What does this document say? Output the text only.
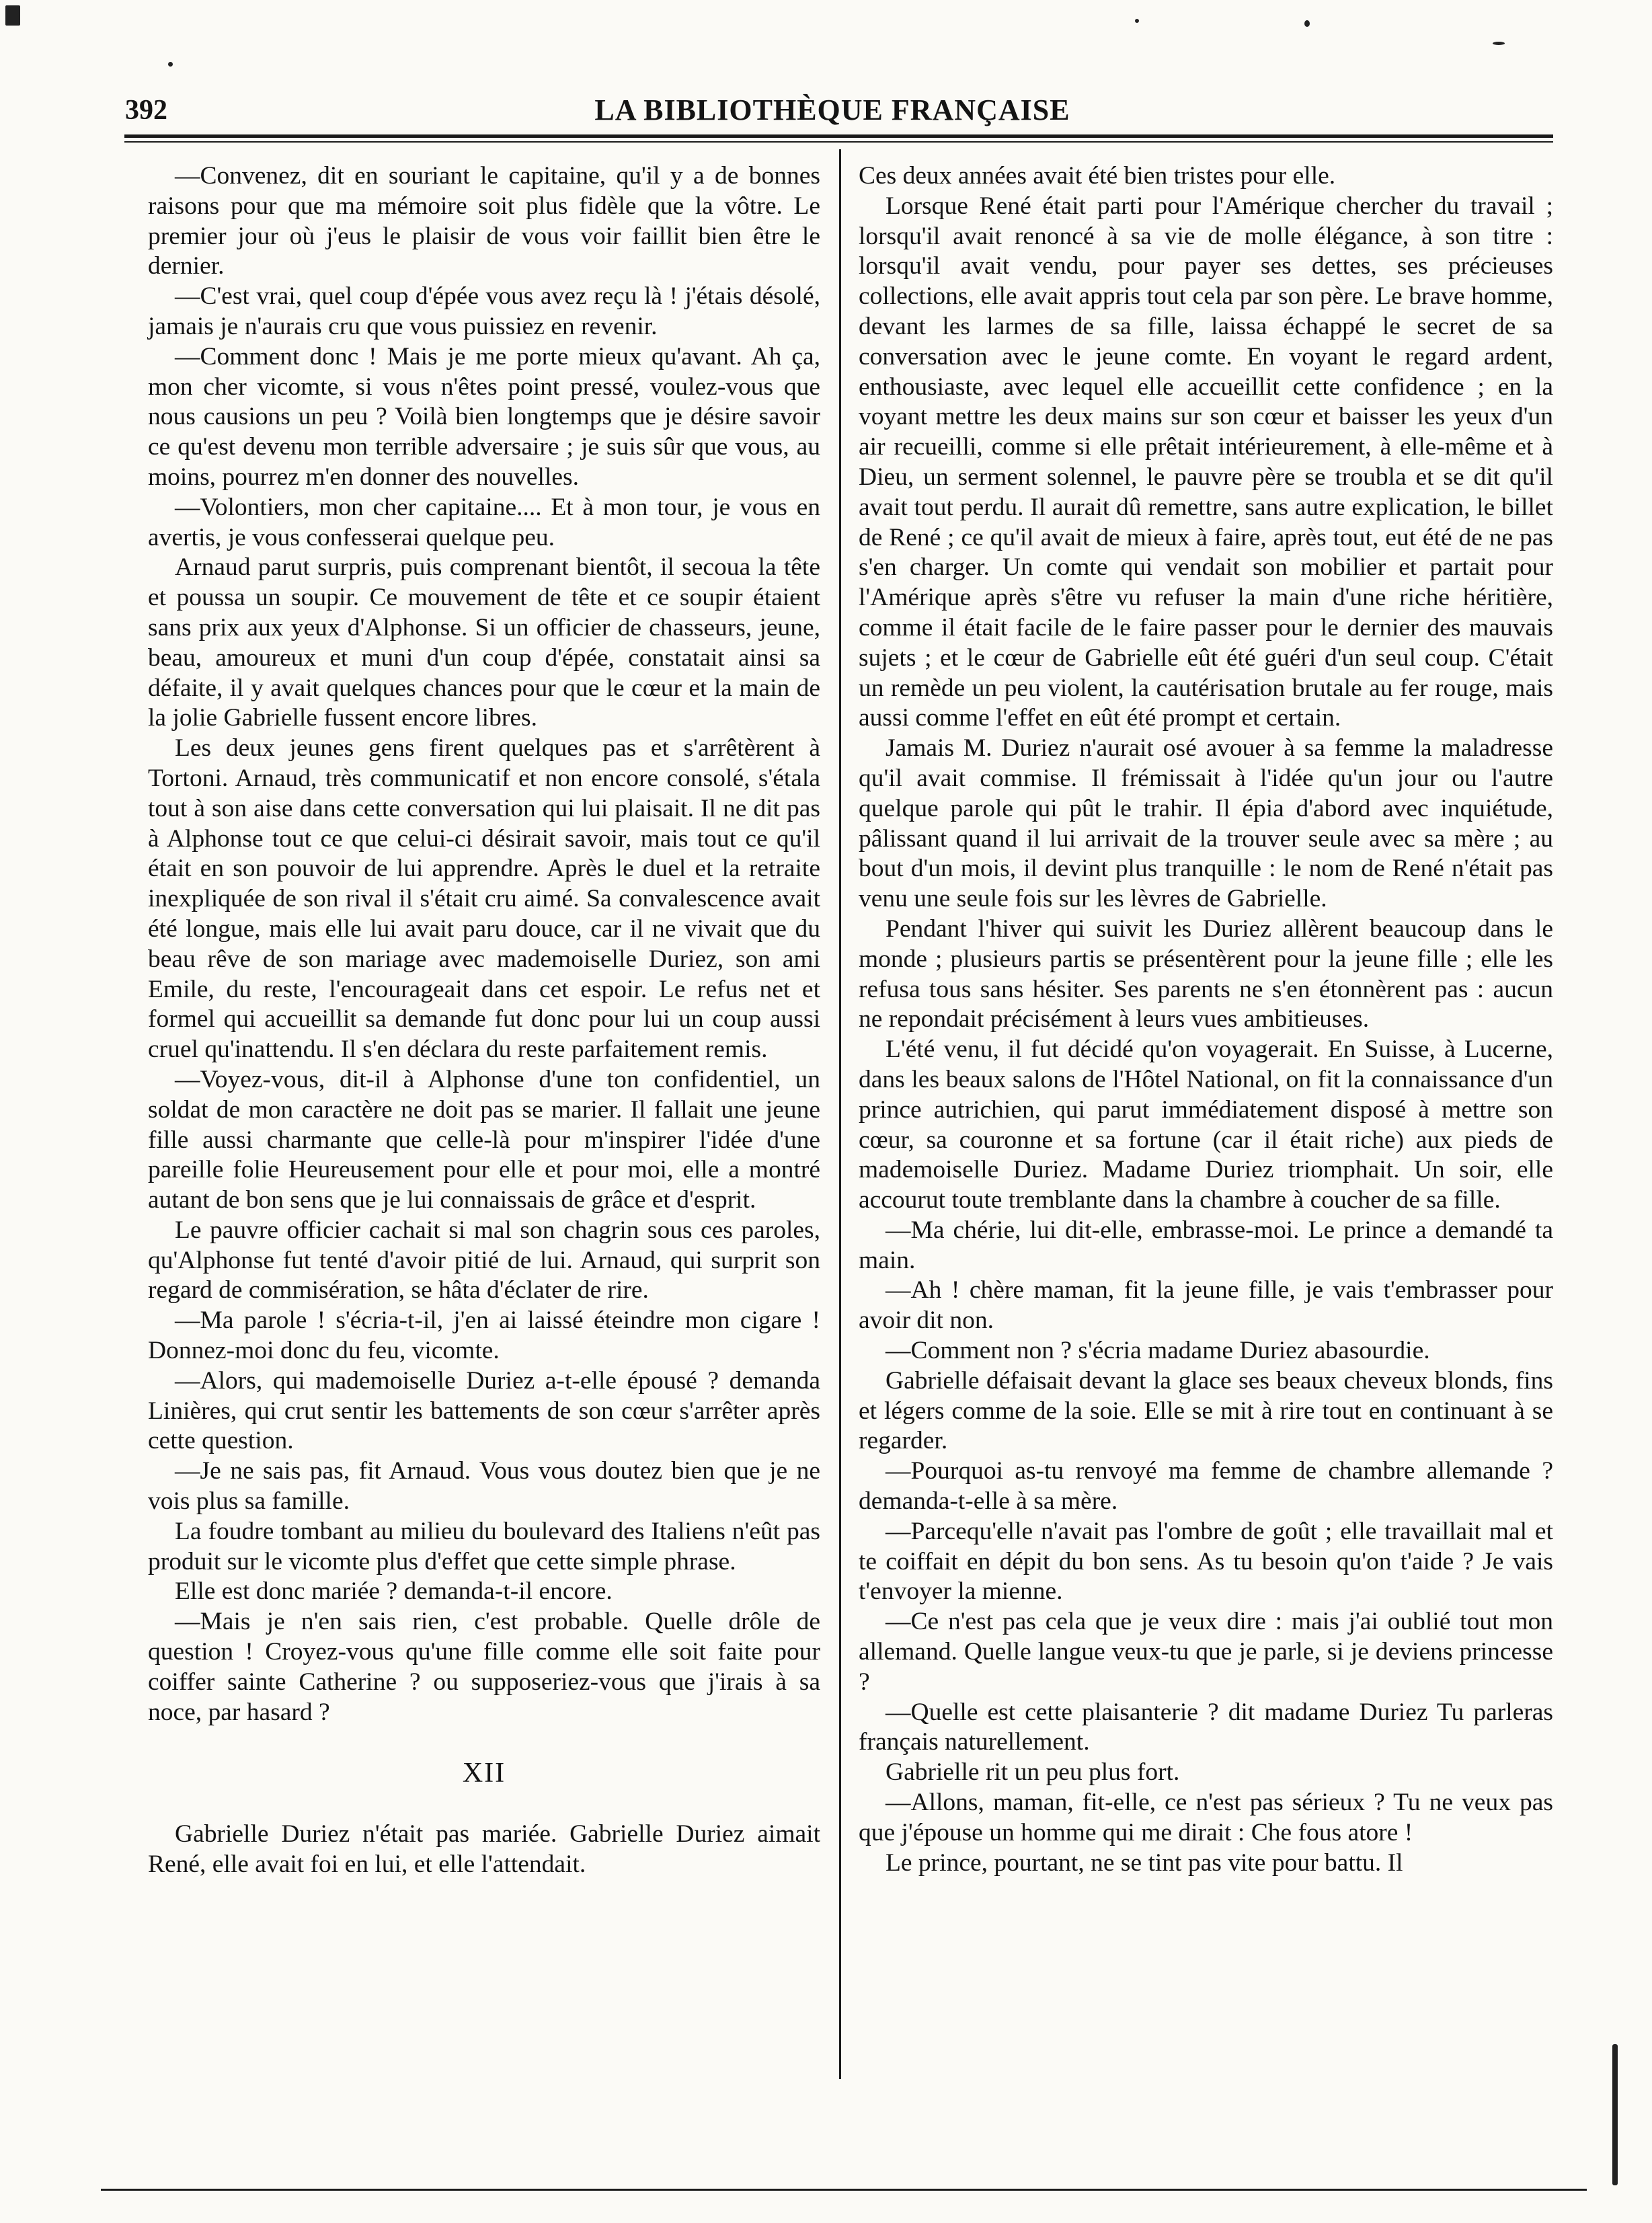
392	LA BIBLIOTHÈQUE FRANÇAISE

—Convenez, dit en souriant le capitaine, qu'il y a de bonnes raisons pour que ma mémoire soit plus fidèle que la vôtre. Le premier jour où j'eus le plaisir de vous voir faillit bien être le dernier.

—C'est vrai, quel coup d'épée vous avez reçu là ! j'étais désolé, jamais je n'aurais cru que vous puissiez en revenir.

—Comment donc ! Mais je me porte mieux qu'avant. Ah ça, mon cher vicomte, si vous n'êtes point pressé, voulez-vous que nous causions un peu ? Voilà bien longtemps que je désire savoir ce qu'est devenu mon terrible adversaire ; je suis sûr que vous, au moins, pourrez m'en donner des nouvelles.

—Volontiers, mon cher capitaine.... Et à mon tour, je vous en avertis, je vous confesserai quelque peu.

Arnaud parut surpris, puis comprenant bientôt, il secoua la tête et poussa un soupir. Ce mouvement de tête et ce soupir étaient sans prix aux yeux d'Alphonse. Si un officier de chasseurs, jeune, beau, amoureux et muni d'un coup d'épée, constatait ainsi sa défaite, il y avait quelques chances pour que le cœur et la main de la jolie Gabrielle fussent encore libres.

Les deux jeunes gens firent quelques pas et s'arrêtèrent à Tortoni. Arnaud, très communicatif et non encore consolé, s'étala tout à son aise dans cette conversation qui lui plaisait. Il ne dit pas à Alphonse tout ce que celui-ci désirait savoir, mais tout ce qu'il était en son pouvoir de lui apprendre. Après le duel et la retraite inexpliquée de son rival il s'était cru aimé. Sa convalescence avait été longue, mais elle lui avait paru douce, car il ne vivait que du beau rêve de son mariage avec mademoiselle Duriez, son ami Emile, du reste, l'encourageait dans cet espoir. Le refus net et formel qui accueillit sa demande fut donc pour lui un coup aussi cruel qu'inattendu. Il s'en déclara du reste parfaitement remis.

—Voyez-vous, dit-il à Alphonse d'une ton confidentiel, un soldat de mon caractère ne doit pas se marier. Il fallait une jeune fille aussi charmante que celle-là pour m'inspirer l'idée d'une pareille folie Heureusement pour elle et pour moi, elle a montré autant de bon sens que je lui connaissais de grâce et d'esprit.

Le pauvre officier cachait si mal son chagrin sous ces paroles, qu'Alphonse fut tenté d'avoir pitié de lui. Arnaud, qui surprit son regard de commisération, se hâta d'éclater de rire.

—Ma parole ! s'écria-t-il, j'en ai laissé éteindre mon cigare ! Donnez-moi donc du feu, vicomte.

—Alors, qui mademoiselle Duriez a-t-elle épousé ? demanda Linières, qui crut sentir les battements de son cœur s'arrêter après cette question.

—Je ne sais pas, fit Arnaud. Vous vous doutez bien que je ne vois plus sa famille.

La foudre tombant au milieu du boulevard des Italiens n'eût pas produit sur le vicomte plus d'effet que cette simple phrase.

Elle est donc mariée ? demanda-t-il encore.

—Mais je n'en sais rien, c'est probable. Quelle drôle de question ! Croyez-vous qu'une fille comme elle soit faite pour coiffer sainte Catherine ? ou supposeriez-vous que j'irais à sa noce, par hasard ?

XII

Gabrielle Duriez n'était pas mariée. Gabrielle Duriez aimait René, elle avait foi en lui, et elle l'attendait.

Ces deux années avait été bien tristes pour elle.

Lorsque René était parti pour l'Amérique chercher du travail ; lorsqu'il avait renoncé à sa vie de molle élégance, à son titre : lorsqu'il avait vendu, pour payer ses dettes, ses précieuses collections, elle avait appris tout cela par son père. Le brave homme, devant les larmes de sa fille, laissa échappé le secret de sa conversation avec le jeune comte. En voyant le regard ardent, enthousiaste, avec lequel elle accueillit cette confidence ; en la voyant mettre les deux mains sur son cœur et baisser les yeux d'un air recueilli, comme si elle prêtait intérieurement, à elle-même et à Dieu, un serment solennel, le pauvre père se troubla et se dit qu'il avait tout perdu. Il aurait dû remettre, sans autre explication, le billet de René ; ce qu'il avait de mieux à faire, après tout, eut été de ne pas s'en charger. Un comte qui vendait son mobilier et partait pour l'Amérique après s'être vu refuser la main d'une riche héritière, comme il était facile de le faire passer pour le dernier des mauvais sujets ; et le cœur de Gabrielle eût été guéri d'un seul coup. C'était un remède un peu violent, la cautérisation brutale au fer rouge, mais aussi comme l'effet en eût été prompt et certain.

Jamais M. Duriez n'aurait osé avouer à sa femme la maladresse qu'il avait commise. Il frémissait à l'idée qu'un jour ou l'autre quelque parole qui pût le trahir. Il épia d'abord avec inquiétude, pâlissant quand il lui arrivait de la trouver seule avec sa mère ; au bout d'un mois, il devint plus tranquille : le nom de René n'était pas venu une seule fois sur les lèvres de Gabrielle.

Pendant l'hiver qui suivit les Duriez allèrent beaucoup dans le monde ; plusieurs partis se présentèrent pour la jeune fille ; elle les refusa tous sans hésiter. Ses parents ne s'en étonnèrent pas : aucun ne repondait précisément à leurs vues ambitieuses.

L'été venu, il fut décidé qu'on voyagerait. En Suisse, à Lucerne, dans les beaux salons de l'Hôtel National, on fit la connaissance d'un prince autrichien, qui parut immédiatement disposé à mettre son cœur, sa couronne et sa fortune (car il était riche) aux pieds de mademoiselle Duriez. Madame Duriez triomphait. Un soir, elle accourut toute tremblante dans la chambre à coucher de sa fille.

—Ma chérie, lui dit-elle, embrasse-moi. Le prince a demandé ta main.

—Ah ! chère maman, fit la jeune fille, je vais t'embrasser pour avoir dit non.

—Comment non ? s'écria madame Duriez abasourdie.

Gabrielle défaisait devant la glace ses beaux cheveux blonds, fins et légers comme de la soie. Elle se mit à rire tout en continuant à se regarder.

—Pourquoi as-tu renvoyé ma femme de chambre allemande ? demanda-t-elle à sa mère.

—Parcequ'elle n'avait pas l'ombre de goût ; elle travaillait mal et te coiffait en dépit du bon sens. As tu besoin qu'on t'aide ? Je vais t'envoyer la mienne.

—Ce n'est pas cela que je veux dire : mais j'ai oublié tout mon allemand. Quelle langue veux-tu que je parle, si je deviens princesse ?

—Quelle est cette plaisanterie ? dit madame Duriez Tu parleras français naturellement.

Gabrielle rit un peu plus fort.

—Allons, maman, fit-elle, ce n'est pas sérieux ? Tu ne veux pas que j'épouse un homme qui me dirait : Che fous atore !

Le prince, pourtant, ne se tint pas vite pour battu. Il
